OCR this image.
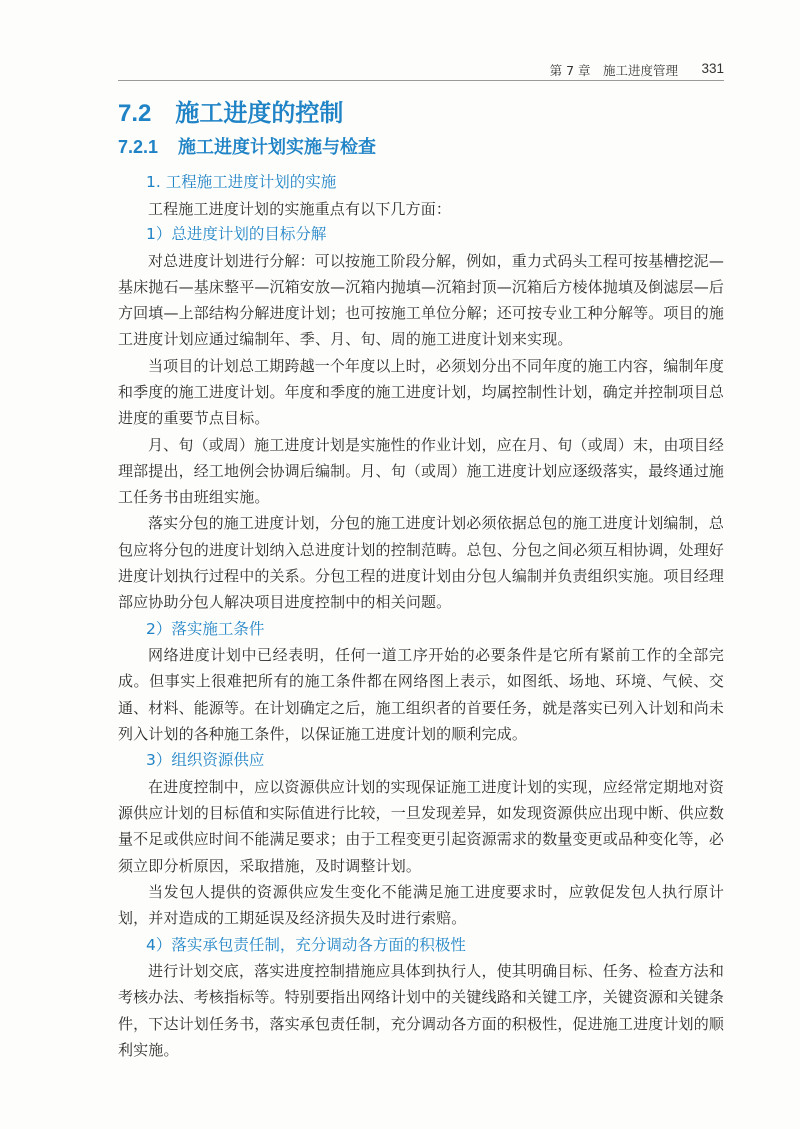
第 7 章　施工进度管理 331
7.2 施工进度的控制
7.2.1 施工进度计划实施与检查
1. 工程施工进度计划的实施
工程施工进度计划的实施重点有以下几方面：
1）总进度计划的目标分解
对总进度计划进行分解：可以按施工阶段分解，例如，重力式码头工程可按基槽挖泥—基床抛石—基床整平—沉箱安放—沉箱内抛填—沉箱封顶—沉箱后方棱体抛填及倒滤层—后方回填—上部结构分解进度计划；也可按施工单位分解；还可按专业工种分解等。项目的施工进度计划应通过编制年、季、月、旬、周的施工进度计划来实现。
当项目的计划总工期跨越一个年度以上时，必须划分出不同年度的施工内容，编制年度和季度的施工进度计划。年度和季度的施工进度计划，均属控制性计划，确定并控制项目总进度的重要节点目标。
月、旬（或周）施工进度计划是实施性的作业计划，应在月、旬（或周）末，由项目经理部提出，经工地例会协调后编制。月、旬（或周）施工进度计划应逐级落实，最终通过施工任务书由班组实施。
落实分包的施工进度计划，分包的施工进度计划必须依据总包的施工进度计划编制，总包应将分包的进度计划纳入总进度计划的控制范畴。总包、分包之间必须互相协调，处理好进度计划执行过程中的关系。分包工程的进度计划由分包人编制并负责组织实施。项目经理部应协助分包人解决项目进度控制中的相关问题。
2）落实施工条件
网络进度计划中已经表明，任何一道工序开始的必要条件是它所有紧前工作的全部完成。但事实上很难把所有的施工条件都在网络图上表示，如图纸、场地、环境、气候、交通、材料、能源等。在计划确定之后，施工组织者的首要任务，就是落实已列入计划和尚未列入计划的各种施工条件，以保证施工进度计划的顺利完成。
3）组织资源供应
在进度控制中，应以资源供应计划的实现保证施工进度计划的实现，应经常定期地对资源供应计划的目标值和实际值进行比较，一旦发现差异，如发现资源供应出现中断、供应数量不足或供应时间不能满足要求；由于工程变更引起资源需求的数量变更或品种变化等，必须立即分析原因，采取措施，及时调整计划。
当发包人提供的资源供应发生变化不能满足施工进度要求时，应敦促发包人执行原计划，并对造成的工期延误及经济损失及时进行索赔。
4）落实承包责任制，充分调动各方面的积极性
进行计划交底，落实进度控制措施应具体到执行人，使其明确目标、任务、检查方法和考核办法、考核指标等。特别要指出网络计划中的关键线路和关键工序，关键资源和关键条件，下达计划任务书，落实承包责任制，充分调动各方面的积极性，促进施工进度计划的顺利实施。
